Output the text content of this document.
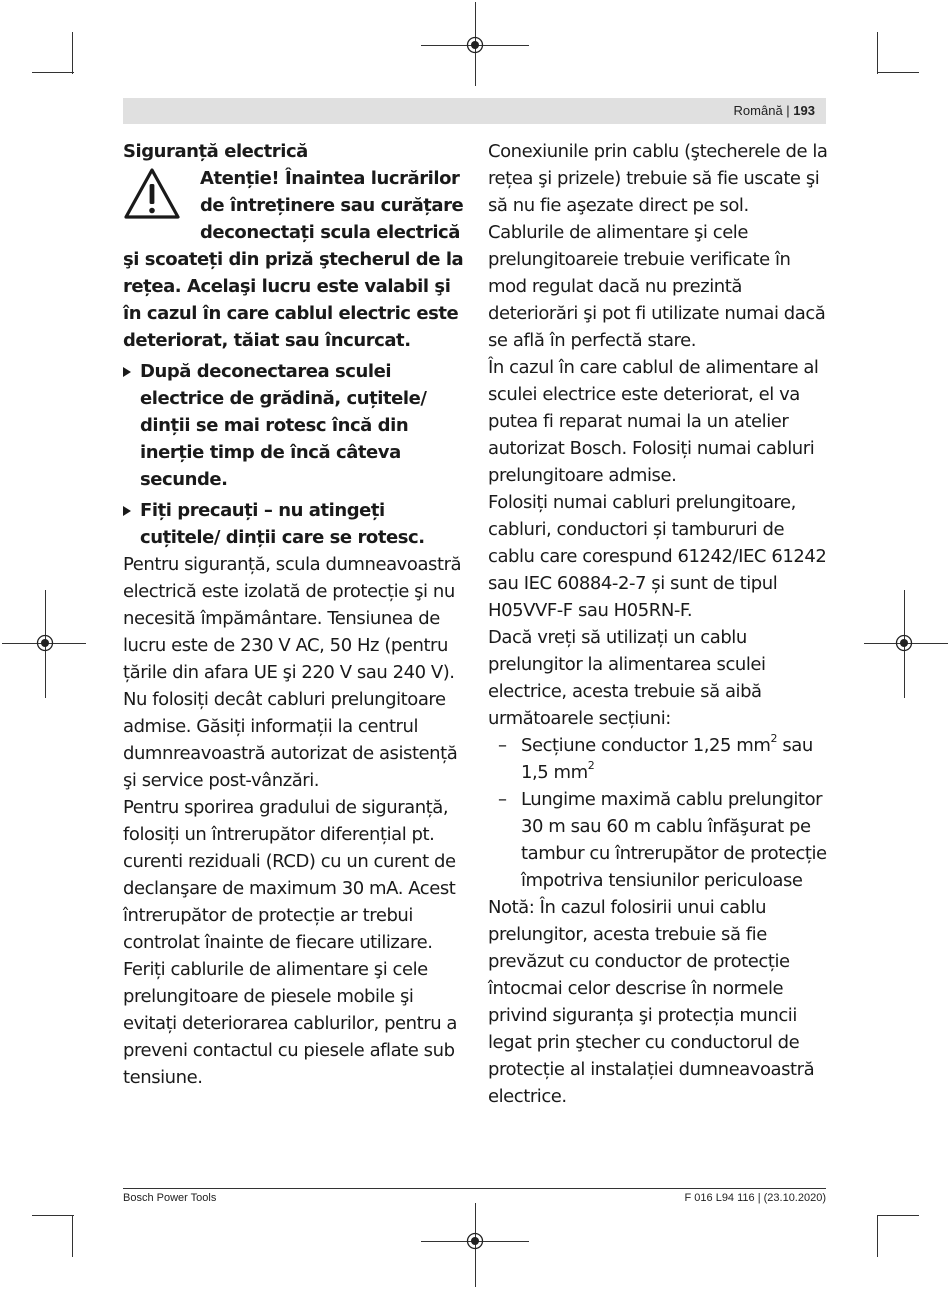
Română | 193

Siguranță electrică

Atenție! Înaintea lucrărilor
de întreținere sau curățare
deconectați scula electrică
şi scoateți din priză ştecherul de la rețea. Acelaşi lucru este valabil şi în cazul în care cablul electric este deteriorat, tăiat sau încurcat.
După deconectarea sculei electrice de grădină, cuțitele/ dinții se mai rotesc încă din inerție timp de încă câteva secunde.
Fiți precauți – nu atingeți cuțitele/ dinții care se rotesc.

Pentru siguranță, scula dumneavoastră electrică este izolată de protecție şi nu necesită împământare. Tensiunea de lucru este de 230 V AC, 50 Hz (pentru țările din afara UE şi 220 V sau 240 V). Nu folosiți decât cabluri prelungitoare admise. Găsiți informații la centrul dumnreavoastră autorizat de asistență şi service post-vânzări.

Pentru sporirea gradului de siguranță, folosiți un întrerupător diferențial pt. curenti reziduali (RCD) cu un curent de declanşare de maximum 30 mA. Acest întrerupător de protecție ar trebui controlat înainte de fiecare utilizare.

Feriți cablurile de alimentare şi cele prelungitoare de piesele mobile şi evitați deteriorarea cablurilor, pentru a preveni contactul cu piesele aflate sub tensiune.

Conexiunile prin cablu (ştecherele de la rețea şi prizele) trebuie să fie uscate şi să nu fie aşezate direct pe sol.

Cablurile de alimentare şi cele prelungitoareie trebuie verificate în mod regulat dacă nu prezintă deteriorări şi pot fi utilizate numai dacă se află în perfectă stare.

În cazul în care cablul de alimentare al sculei electrice este deteriorat, el va putea fi reparat numai la un atelier autorizat Bosch. Folosiți numai cabluri prelungitoare admise.

Folosiți numai cabluri prelungitoare, cabluri, conductori și tambururi de cablu care corespund 61242/IEC 61242 sau IEC 60884-2-7 și sunt de tipul H05VVF-F sau H05RN-F.

Dacă vreți să utilizați un cablu prelungitor la alimentarea sculei electrice, acesta trebuie să aibă următoarele secțiuni:

– Secțiune conductor 1,25 $mm^2$ sau 1,5 $mm^2$
– Lungime maximă cablu prelungitor 30 m sau 60 m cablu înfăşurat pe tambur cu întrerupător de protecție împotriva tensiunilor periculoase

Notă: În cazul folosirii unui cablu prelungitor, acesta trebuie să fie prevăzut cu conductor de protecție întocmai celor descrise în normele privind siguranța şi protecția muncii legat prin ştecher cu conductorul de protecție al instalației dumneavoastră electrice.

Bosch Power Tools	F 016 L94 116 | (23.10.2020)
